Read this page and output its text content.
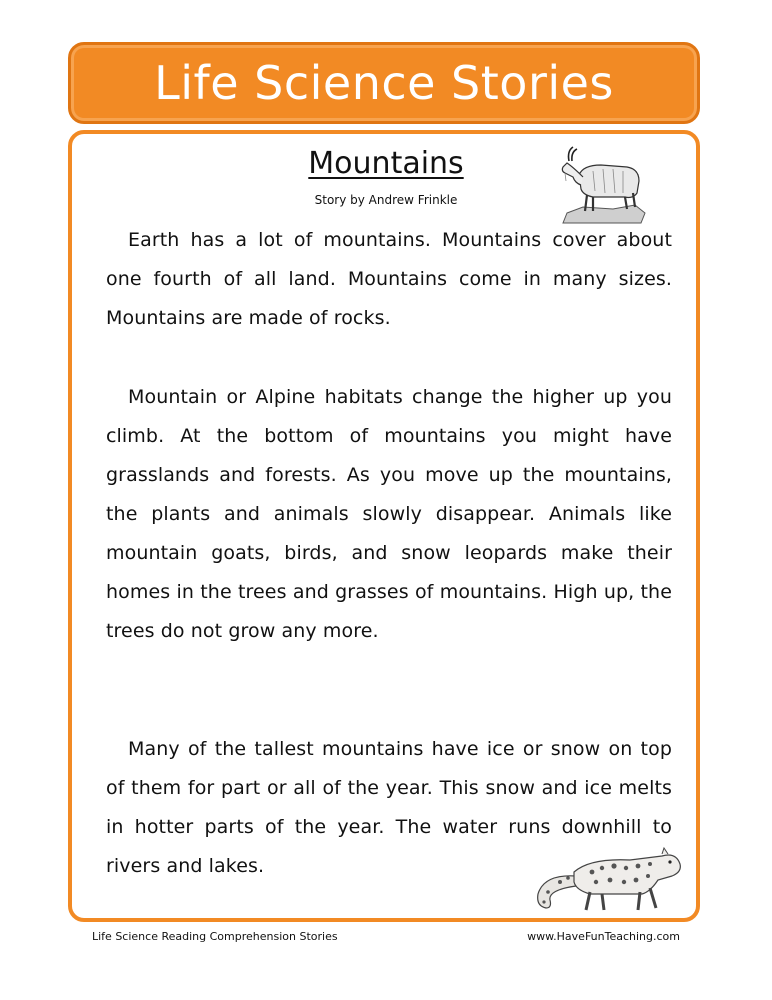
Life Science Stories
Mountains
Story by Andrew Frinkle

Earth has a lot of mountains. Mountains cover about one fourth of all land. Mountains come in many sizes. Mountains are made of rocks.

Mountain or Alpine habitats change the higher up you climb. At the bottom of mountains you might have grasslands and forests. As you move up the mountains, the plants and animals slowly disappear. Animals like mountain goats, birds, and snow leopards make their homes in the trees and grasses of mountains. High up, the trees do not grow any more.

Many of the tallest mountains have ice or snow on top of them for part or all of the year. This snow and ice melts in hotter parts of the year. The water runs downhill to rivers and lakes.

Life Science Reading Comprehension Stories	www.HaveFunTeaching.com
